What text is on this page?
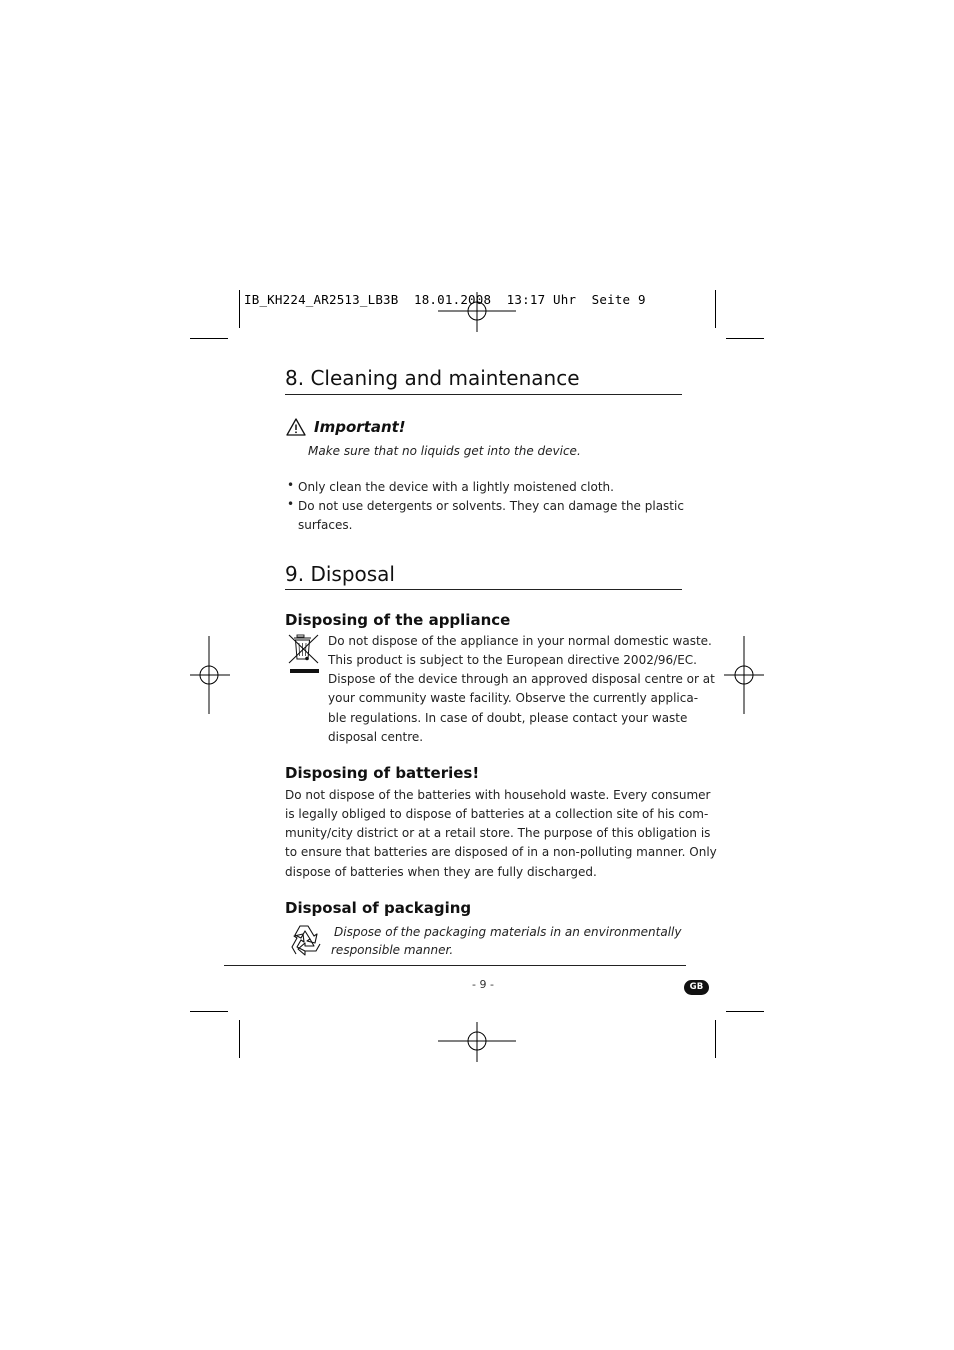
IB_KH224_AR2513_LB3B  18.01.2008  13:17 Uhr  Seite 9
8. Cleaning and maintenance
Important!
Make sure that no liquids get into the device.
• Only clean the device with a lightly moistened cloth.
• Do not use detergents or solvents. They can damage the plastic
surfaces.
9. Disposal
Disposing of the appliance
Do not dispose of the appliance in your normal domestic waste.
This product is subject to the European directive 2002/96/EC.
Dispose of the device through an approved disposal centre or at
your community waste facility. Observe the currently applica-
ble regulations. In case of doubt, please contact your waste
disposal centre.
Disposing of batteries!
Do not dispose of the batteries with household waste. Every consumer
is legally obliged to dispose of batteries at a collection site of his com-
munity/city district or at a retail store. The purpose of this obligation is
to ensure that batteries are disposed of in a non-polluting manner. Only
dispose of batteries when they are fully discharged.
Disposal of packaging
Dispose of the packaging materials in an environmentally
responsible manner.
- 9 -	GB
